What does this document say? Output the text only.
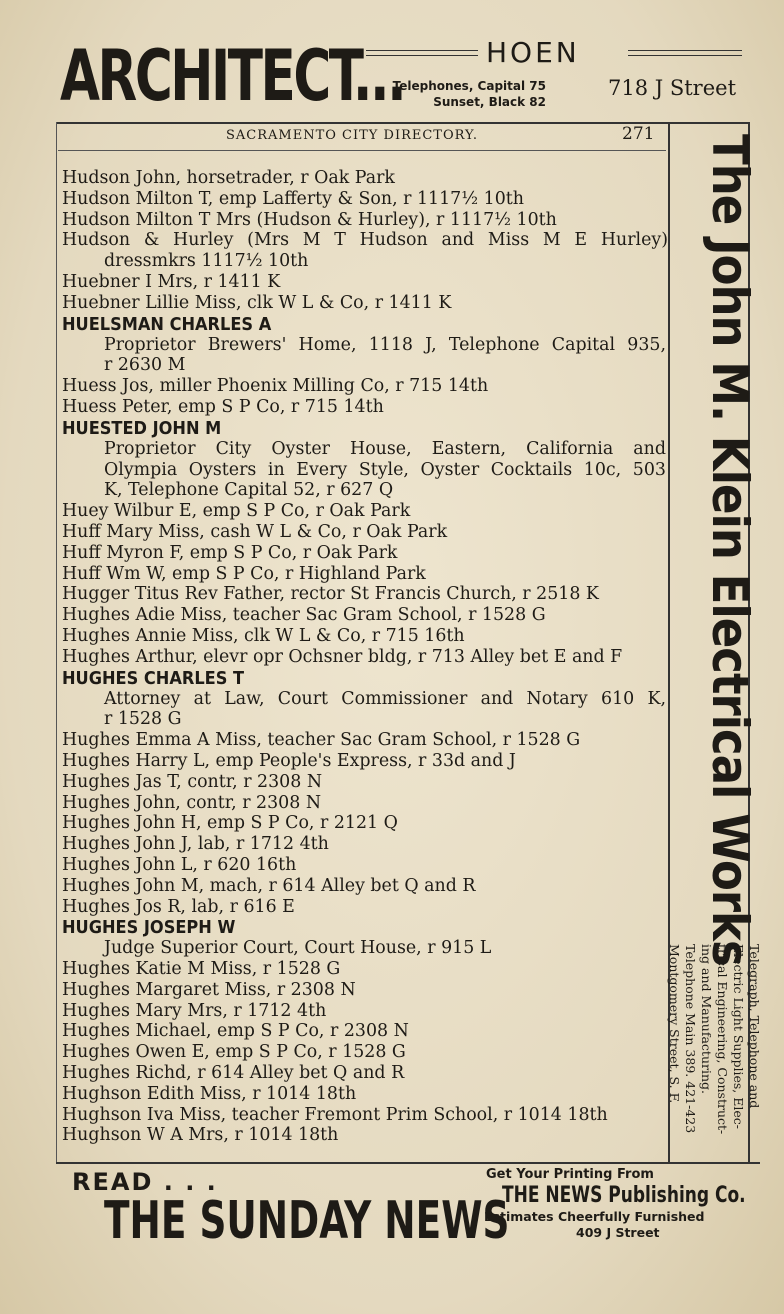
ARCHITECT...	HOEN
Telephones, Capital 75
Sunset, Black 82
718 J Street
SACRAMENTO CITY DIRECTORY.	271
Hudson John, horsetrader, r Oak Park
Hudson Milton T, emp Lafferty & Son, r 1117½ 10th
Hudson Milton T Mrs (Hudson & Hurley), r 1117½ 10th
Hudson & Hurley (Mrs M T Hudson and Miss M E Hurley)
dressmkrs 1117½ 10th
Huebner I Mrs, r 1411 K
Huebner Lillie Miss, clk W L & Co, r 1411 K
HUELSMAN CHARLES A
Proprietor Brewers' Home, 1118 J, Telephone Capital 935,
r 2630 M
Huess Jos, miller Phoenix Milling Co, r 715 14th
Huess Peter, emp S P Co, r 715 14th
HUESTED JOHN M
Proprietor City Oyster House, Eastern, California and
Olympia Oysters in Every Style, Oyster Cocktails 10c, 503
K, Telephone Capital 52, r 627 Q
Huey Wilbur E, emp S P Co, r Oak Park
Huff Mary Miss, cash W L & Co, r Oak Park
Huff Myron F, emp S P Co, r Oak Park
Huff Wm W, emp S P Co, r Highland Park
Hugger Titus Rev Father, rector St Francis Church, r 2518 K
Hughes Adie Miss, teacher Sac Gram School, r 1528 G
Hughes Annie Miss, clk W L & Co, r 715 16th
Hughes Arthur, elevr opr Ochsner bldg, r 713 Alley bet E and F
HUGHES CHARLES T
Attorney at Law, Court Commissioner and Notary 610 K,
r 1528 G
Hughes Emma A Miss, teacher Sac Gram School, r 1528 G
Hughes Harry L, emp People's Express, r 33d and J
Hughes Jas T, contr, r 2308 N
Hughes John, contr, r 2308 N
Hughes John H, emp S P Co, r 2121 Q
Hughes John J, lab, r 1712 4th
Hughes John L, r 620 16th
Hughes John M, mach, r 614 Alley bet Q and R
Hughes Jos R, lab, r 616 E
HUGHES JOSEPH W
Judge Superior Court, Court House, r 915 L
Hughes Katie M Miss, r 1528 G
Hughes Margaret Miss, r 2308 N
Hughes Mary Mrs, r 1712 4th
Hughes Michael, emp S P Co, r 2308 N
Hughes Owen E, emp S P Co, r 1528 G
Hughes Richd, r 614 Alley bet Q and R
Hughson Edith Miss, r 1014 18th
Hughson Iva Miss, teacher Fremont Prim School, r 1014 18th
Hughson W A Mrs, r 1014 18th
The John M. Klein Electrical Works
Telegraph, Telephone and
Electric Light Supplies, Elec-
trical Engineering, Construct-
ing and Manufacturing.
Telephone Main 389. 421-423
Montgomery Street, S. F.
READ . . .
THE SUNDAY NEWS
Get Your Printing From
THE NEWS Publishing Co.
Estimates Cheerfully Furnished
409 J Street
